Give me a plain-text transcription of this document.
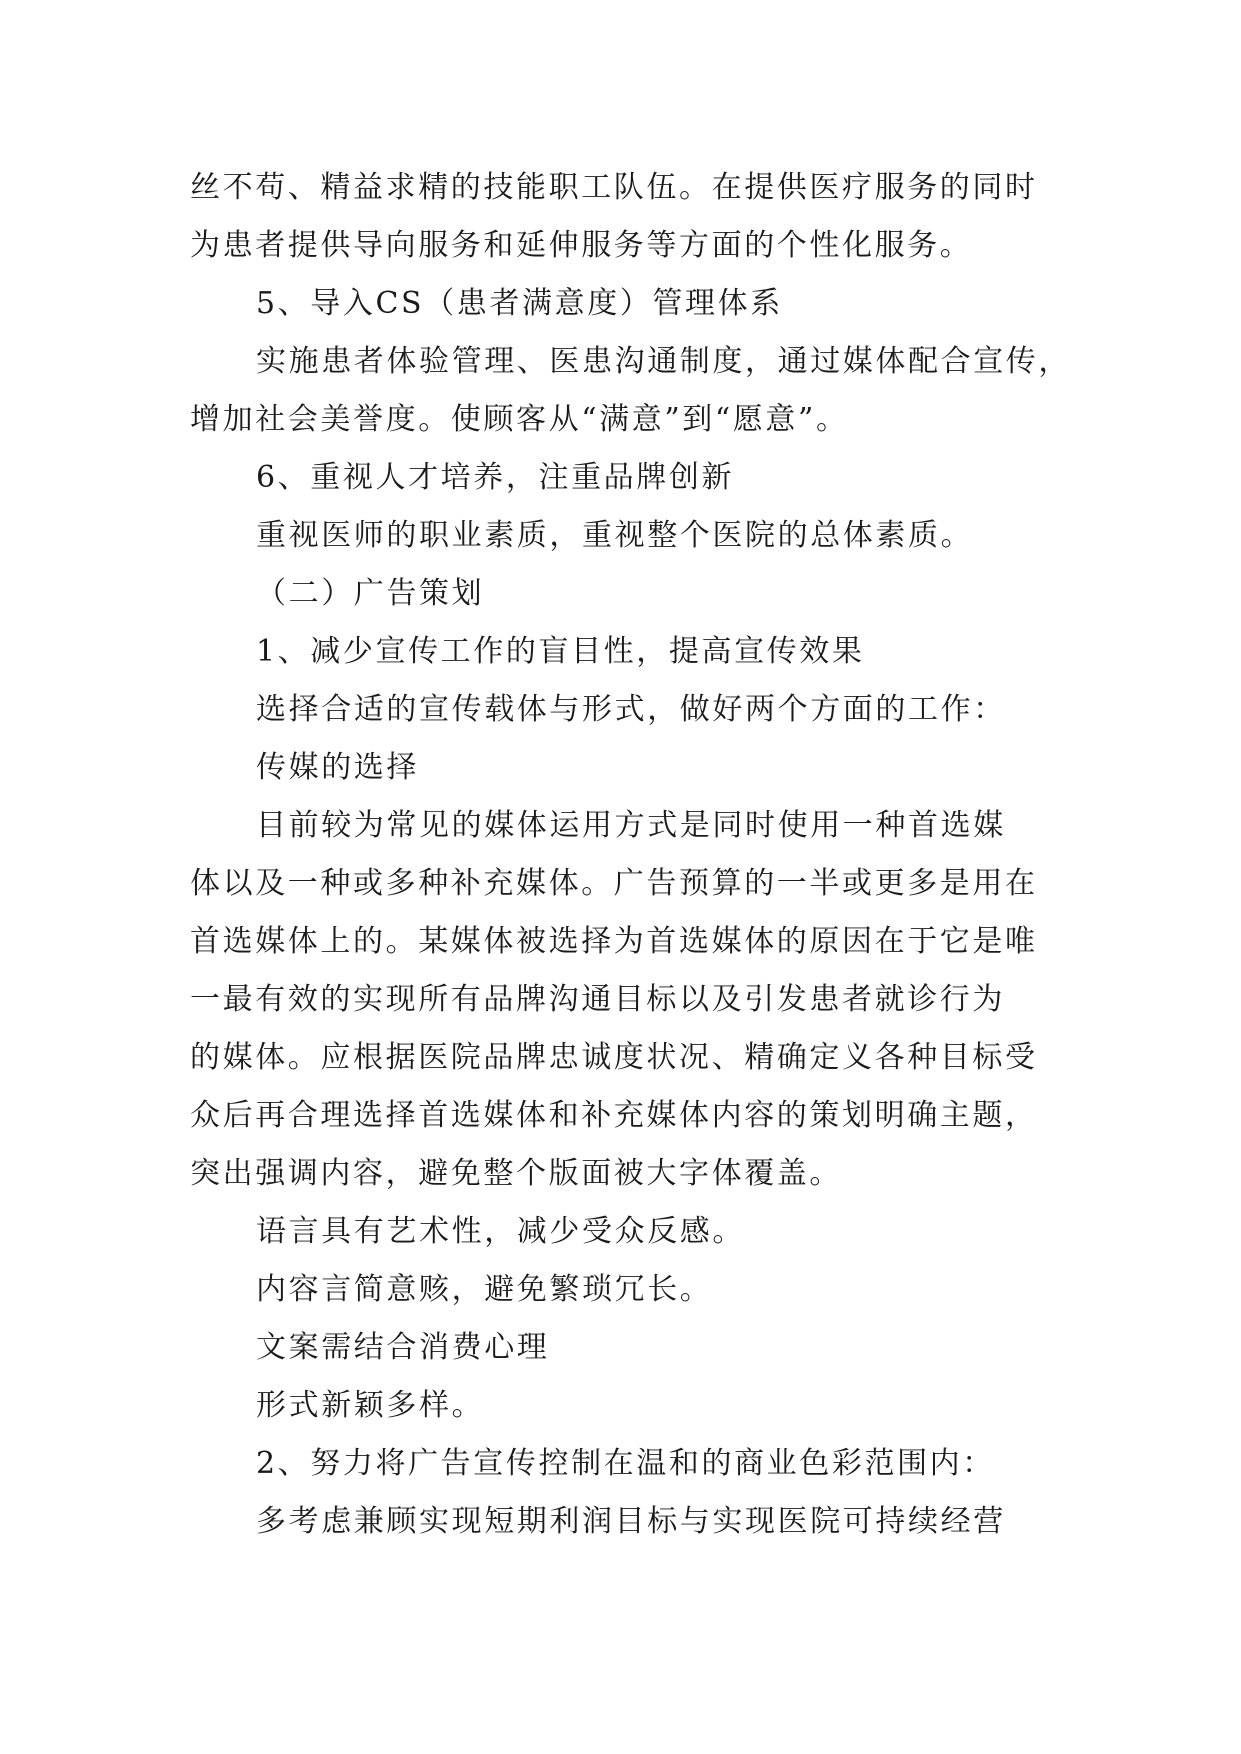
丝不苟、精益求精的技能职工队伍。在提供医疗服务的同时
为患者提供导向服务和延伸服务等方面的个性化服务。
5、导入CS（患者满意度）管理体系
实施患者体验管理、医患沟通制度，通过媒体配合宣传，
增加社会美誉度。使顾客从“满意”到“愿意”。
6、重视人才培养，注重品牌创新
重视医师的职业素质，重视整个医院的总体素质。
（二）广告策划
1、减少宣传工作的盲目性，提高宣传效果
选择合适的宣传载体与形式，做好两个方面的工作：
传媒的选择
目前较为常见的媒体运用方式是同时使用一种首选媒
体以及一种或多种补充媒体。广告预算的一半或更多是用在
首选媒体上的。某媒体被选择为首选媒体的原因在于它是唯
一最有效的实现所有品牌沟通目标以及引发患者就诊行为
的媒体。应根据医院品牌忠诚度状况、精确定义各种目标受
众后再合理选择首选媒体和补充媒体内容的策划明确主题，
突出强调内容，避免整个版面被大字体覆盖。
语言具有艺术性，减少受众反感。
内容言简意赅，避免繁琐冗长。
文案需结合消费心理
形式新颖多样。
2、努力将广告宣传控制在温和的商业色彩范围内：
多考虑兼顾实现短期利润目标与实现医院可持续经营
